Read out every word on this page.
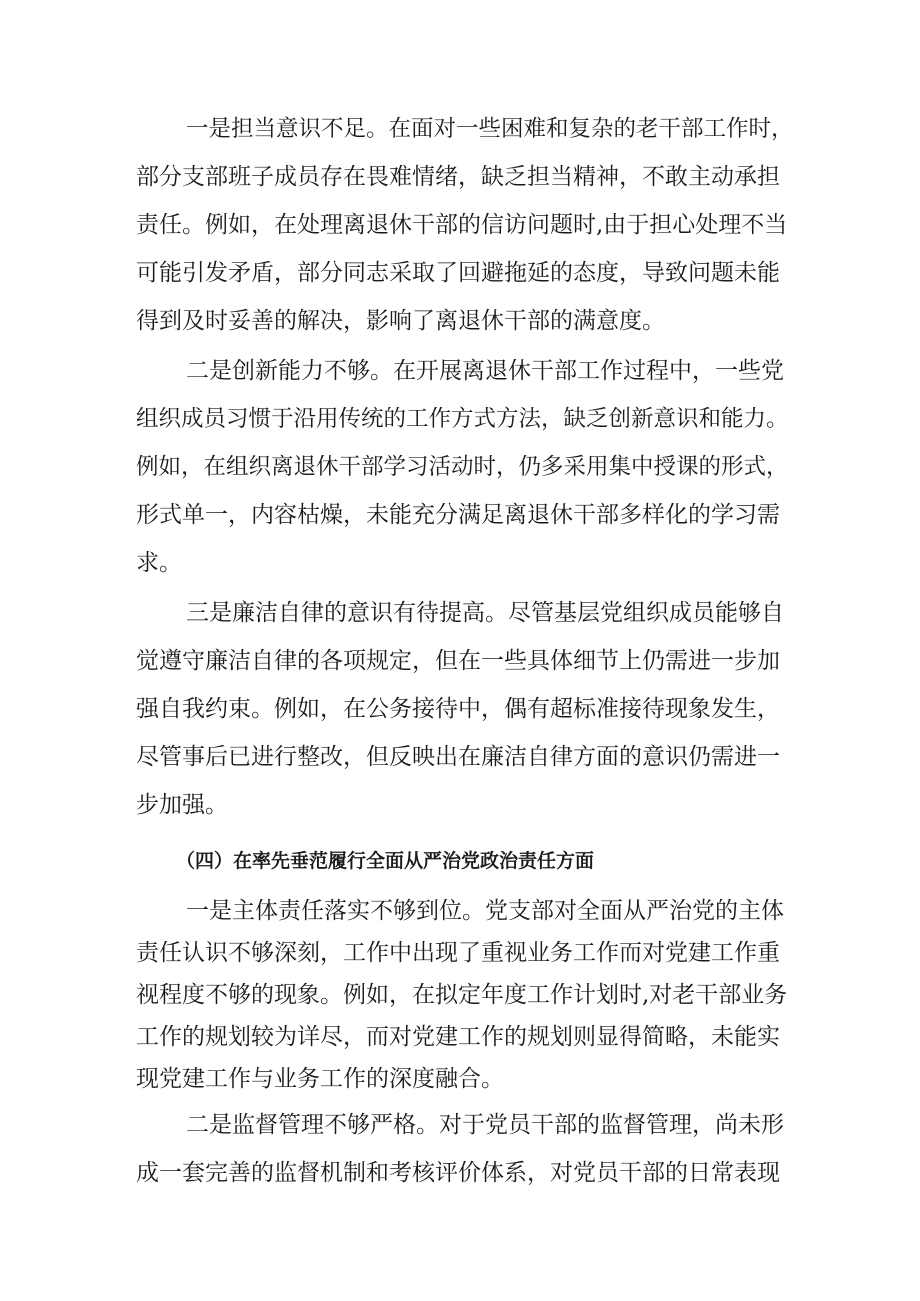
一是担当意识不足。在面对一些困难和复杂的老干部工作时，
部分支部班子成员存在畏难情绪，缺乏担当精神，不敢主动承担
责任。例如，在处理离退休干部的信访问题时,由于担心处理不当
可能引发矛盾，部分同志采取了回避拖延的态度，导致问题未能
得到及时妥善的解决，影响了离退休干部的满意度。
二是创新能力不够。在开展离退休干部工作过程中，一些党
组织成员习惯于沿用传统的工作方式方法，缺乏创新意识和能力。
例如，在组织离退休干部学习活动时，仍多采用集中授课的形式，
形式单一，内容枯燥，未能充分满足离退休干部多样化的学习需
求。
三是廉洁自律的意识有待提高。尽管基层党组织成员能够自
觉遵守廉洁自律的各项规定，但在一些具体细节上仍需进一步加
强自我约束。例如，在公务接待中，偶有超标准接待现象发生，
尽管事后已进行整改，但反映出在廉洁自律方面的意识仍需进一
步加强。
（四）在率先垂范履行全面从严治党政治责任方面
一是主体责任落实不够到位。党支部对全面从严治党的主体
责任认识不够深刻，工作中出现了重视业务工作而对党建工作重
视程度不够的现象。例如，在拟定年度工作计划时,对老干部业务
工作的规划较为详尽，而对党建工作的规划则显得简略，未能实
现党建工作与业务工作的深度融合。
二是监督管理不够严格。对于党员干部的监督管理，尚未形
成一套完善的监督机制和考核评价体系，对党员干部的日常表现
